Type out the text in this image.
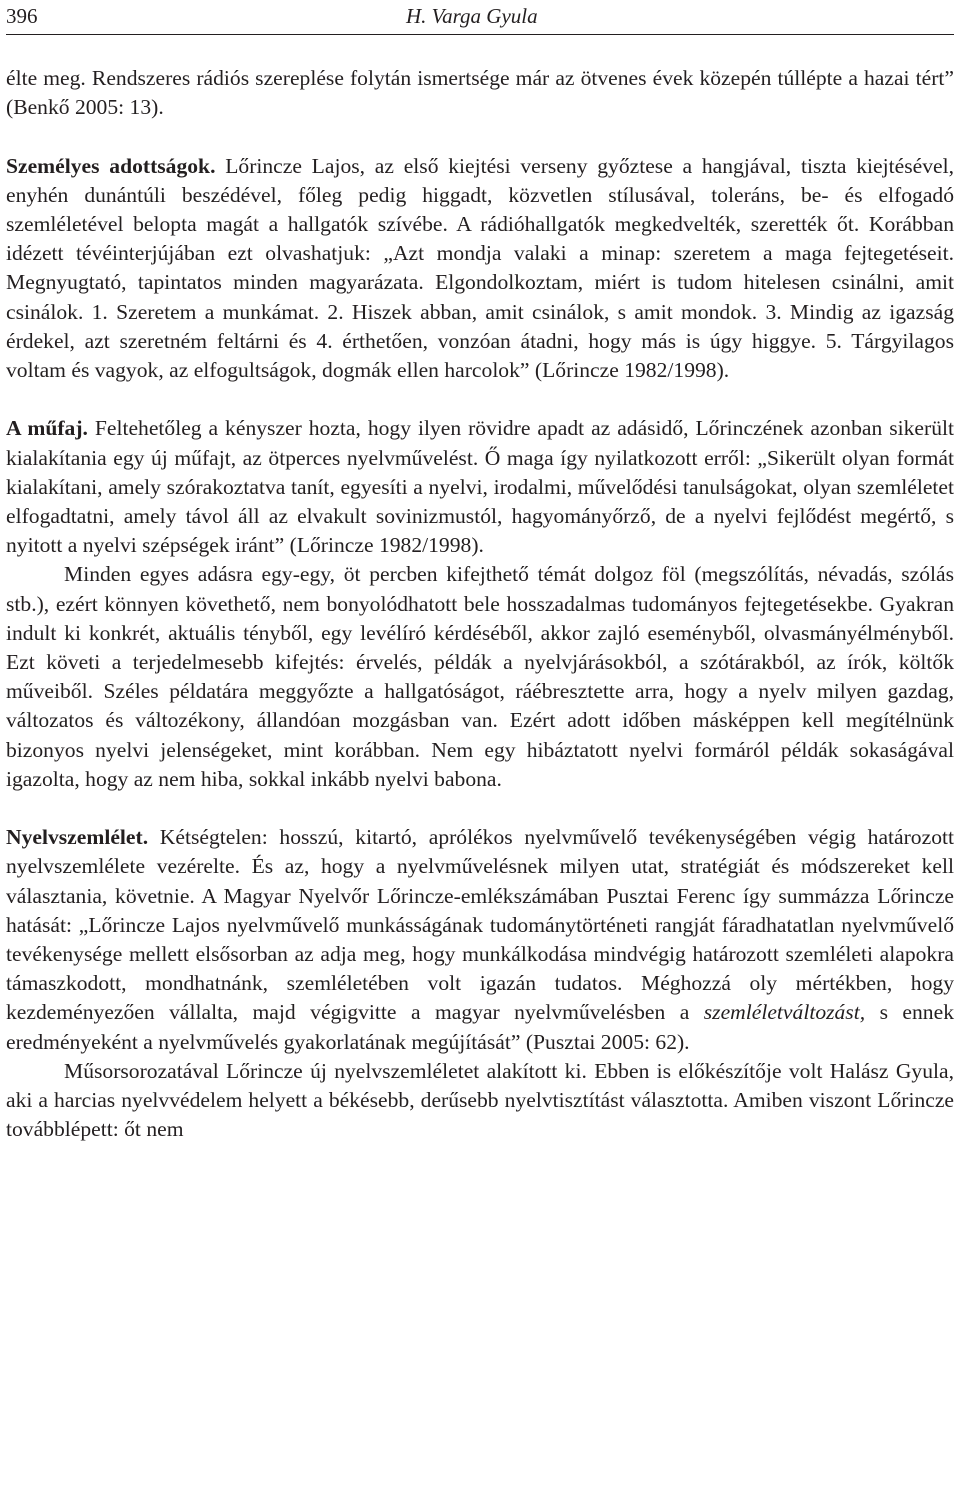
396	H. Varga Gyula

élte meg. Rendszeres rádiós szereplése folytán ismertsége már az ötvenes évek közepén túllépte a hazai tért” (Benkő 2005: 13).

Személyes adottságok. Lőrincze Lajos, az első kiejtési verseny győztese a hangjával, tiszta kiejtésével, enyhén dunántúli beszédével, főleg pedig higgadt, közvetlen stílusával, toleráns, be- és elfogadó szemléletével belopta magát a hallgatók szívébe. A rádióhallgatók megkedvelték, szerették őt. Korábban idézett tévéinterjújában ezt olvashatjuk: „Azt mondja valaki a minap: szeretem a maga fejtegetéseit. Megnyugtató, tapintatos minden magyarázata. Elgondolkoztam, miért is tudom hitelesen csinálni, amit csinálok. 1. Szeretem a munkámat. 2. Hiszek abban, amit csinálok, s amit mondok. 3. Mindig az igazság érdekel, azt szeretném feltárni és 4. érthetően, vonzóan átadni, hogy más is úgy higgye. 5. Tárgyilagos voltam és vagyok, az elfogultságok, dogmák ellen harcolok” (Lőrincze 1982/1998).

A műfaj. Feltehetőleg a kényszer hozta, hogy ilyen rövidre apadt az adásidő, Lőrinczének azonban sikerült kialakítania egy új műfajt, az ötperces nyelvművelést. Ő maga így nyilatkozott erről: „Sikerült olyan formát kialakítani, amely szórakoztatva tanít, egyesíti a nyelvi, irodalmi, művelődési tanulságokat, olyan szemléletet elfogadtatni, amely távol áll az elvakult sovinizmustól, hagyományőrző, de a nyelvi fejlődést megértő, s nyitott a nyelvi szépségek iránt” (Lőrincze 1982/1998).

Minden egyes adásra egy-egy, öt percben kifejthető témát dolgoz föl (megszólítás, névadás, szólás stb.), ezért könnyen követhető, nem bonyolódhatott bele hosszadalmas tudományos fejtegetésekbe. Gyakran indult ki konkrét, aktuális tényből, egy levélíró kérdéséből, akkor zajló eseményből, olvasmányélményből. Ezt követi a terjedelmesebb kifejtés: érvelés, példák a nyelvjárásokból, a szótárakból, az írók, költők műveiből. Széles példatára meggyőzte a hallgatóságot, ráébresztette arra, hogy a nyelv milyen gazdag, változatos és változékony, állandóan mozgásban van. Ezért adott időben másképpen kell megítélnünk bizonyos nyelvi jelenségeket, mint korábban. Nem egy hibáztatott nyelvi formáról példák sokaságával igazolta, hogy az nem hiba, sokkal inkább nyelvi babona.

Nyelvszemlélet. Kétségtelen: hosszú, kitartó, aprólékos nyelvművelő tevékenységében végig határozott nyelvszemlélete vezérelte. És az, hogy a nyelvművelésnek milyen utat, stratégiát és módszereket kell választania, követnie. A Magyar Nyelvőr Lőrincze-emlékszámában Pusztai Ferenc így summázza Lőrincze hatását: „Lőrincze Lajos nyelvművelő munkásságának tudománytörténeti rangját fáradhatatlan nyelvművelő tevékenysége mellett elsősorban az adja meg, hogy munkálkodása mindvégig határozott szemléleti alapokra támaszkodott, mondhatnánk, szemléletében volt igazán tudatos. Méghozzá oly mértékben, hogy kezdeményezően vállalta, majd végigvitte a magyar nyelvművelésben a szemléletváltozást, s ennek eredményeként a nyelvművelés gyakorlatának megújítását” (Pusztai 2005: 62).

Műsorsorozatával Lőrincze új nyelvszemléletet alakított ki. Ebben is előkészítője volt Halász Gyula, aki a harcias nyelvvédelem helyett a békésebb, derűsebb nyelvtisztítást választotta. Amiben viszont Lőrincze továbblépett: őt nem
